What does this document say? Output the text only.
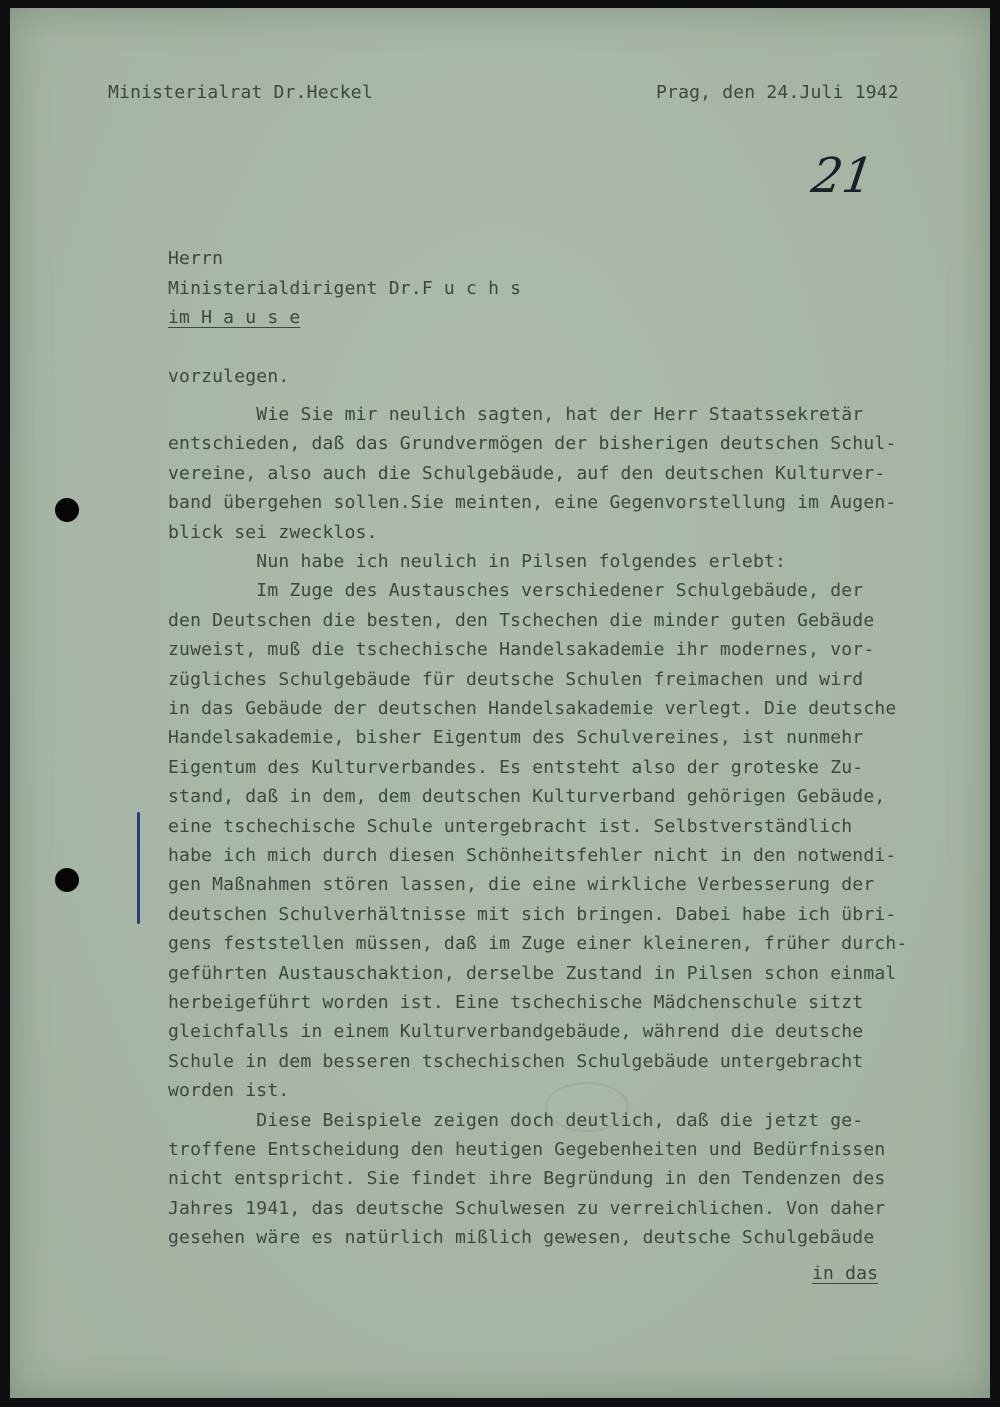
Ministerialrat Dr.Heckel	Prag, den 24.Juli 1942
21
Herrn
Ministerialdirigent Dr.F u c h s
im H a u s e
vorzulegen.
Wie Sie mir neulich sagten, hat der Herr Staatssekretär
entschieden, daß das Grundvermögen der bisherigen deutschen Schul-
vereine, also auch die Schulgebäude, auf den deutschen Kulturver-
band übergehen sollen.Sie meinten, eine Gegenvorstellung im Augen-
blick sei zwecklos.
Nun habe ich neulich in Pilsen folgendes erlebt:
Im Zuge des Austausches verschiedener Schulgebäude, der
den Deutschen die besten, den Tschechen die minder guten Gebäude
zuweist, muß die tschechische Handelsakademie ihr modernes, vor-
zügliches Schulgebäude für deutsche Schulen freimachen und wird
in das Gebäude der deutschen Handelsakademie verlegt. Die deutsche
Handelsakademie, bisher Eigentum des Schulvereines, ist nunmehr
Eigentum des Kulturverbandes. Es entsteht also der groteske Zu-
stand, daß in dem, dem deutschen Kulturverband gehörigen Gebäude,
eine tschechische Schule untergebracht ist. Selbstverständlich
habe ich mich durch diesen Schönheitsfehler nicht in den notwendi-
gen Maßnahmen stören lassen, die eine wirkliche Verbesserung der
deutschen Schulverhältnisse mit sich bringen. Dabei habe ich übri-
gens feststellen müssen, daß im Zuge einer kleineren, früher durch-
geführten Austauschaktion, derselbe Zustand in Pilsen schon einmal
herbeigeführt worden ist. Eine tschechische Mädchenschule sitzt
gleichfalls in einem Kulturverbandgebäude, während die deutsche
Schule in dem besseren tschechischen Schulgebäude untergebracht
worden ist.
Diese Beispiele zeigen doch deutlich, daß die jetzt ge-
troffene Entscheidung den heutigen Gegebenheiten und Bedürfnissen
nicht entspricht. Sie findet ihre Begründung in den Tendenzen des
Jahres 1941, das deutsche Schulwesen zu verreichlichen. Von daher
gesehen wäre es natürlich mißlich gewesen, deutsche Schulgebäude
in das
